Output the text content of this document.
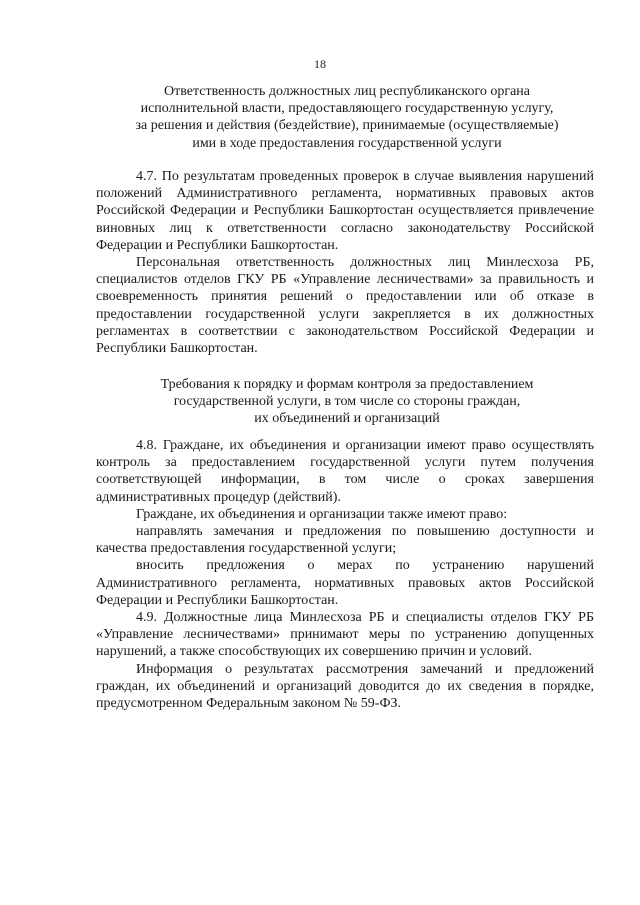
18
Ответственность должностных лиц республиканского органа
исполнительной власти, предоставляющего государственную услугу,
за решения и действия (бездействие), принимаемые (осуществляемые)
ими в ходе предоставления государственной услуги

4.7. По результатам проведенных проверок в случае выявления нарушений положений Административного регламента, нормативных правовых актов Российской Федерации и Республики Башкортостан осуществляется привлечение виновных лиц к ответственности согласно законодательству Российской Федерации и Республики Башкортостан.

Персональная ответственность должностных лиц Минлесхоза РБ, специалистов отделов ГКУ РБ «Управление лесничествами» за правильность и своевременность принятия решений о предоставлении или об отказе в предоставлении государственной услуги закрепляется в их должностных регламентах в соответствии с законодательством Российской Федерации и Республики Башкортостан.

Требования к порядку и формам контроля за предоставлением
государственной услуги, в том числе со стороны граждан,
их объединений и организаций

4.8. Граждане, их объединения и организации имеют право осуществлять контроль за предоставлением государственной услуги путем получения соответствующей информации, в том числе о сроках завершения административных процедур (действий).

Граждане, их объединения и организации также имеют право:

направлять замечания и предложения по повышению доступности и качества предоставления государственной услуги;

вносить предложения о мерах по устранению нарушений Административного регламента, нормативных правовых актов Российской Федерации и Республики Башкортостан.

4.9. Должностные лица Минлесхоза РБ и специалисты отделов ГКУ РБ «Управление лесничествами» принимают меры по устранению допущенных нарушений, а также способствующих их совершению причин и условий.

Информация о результатах рассмотрения замечаний и предложений граждан, их объединений и организаций доводится до их сведения в порядке, предусмотренном Федеральным законом № 59-ФЗ.
